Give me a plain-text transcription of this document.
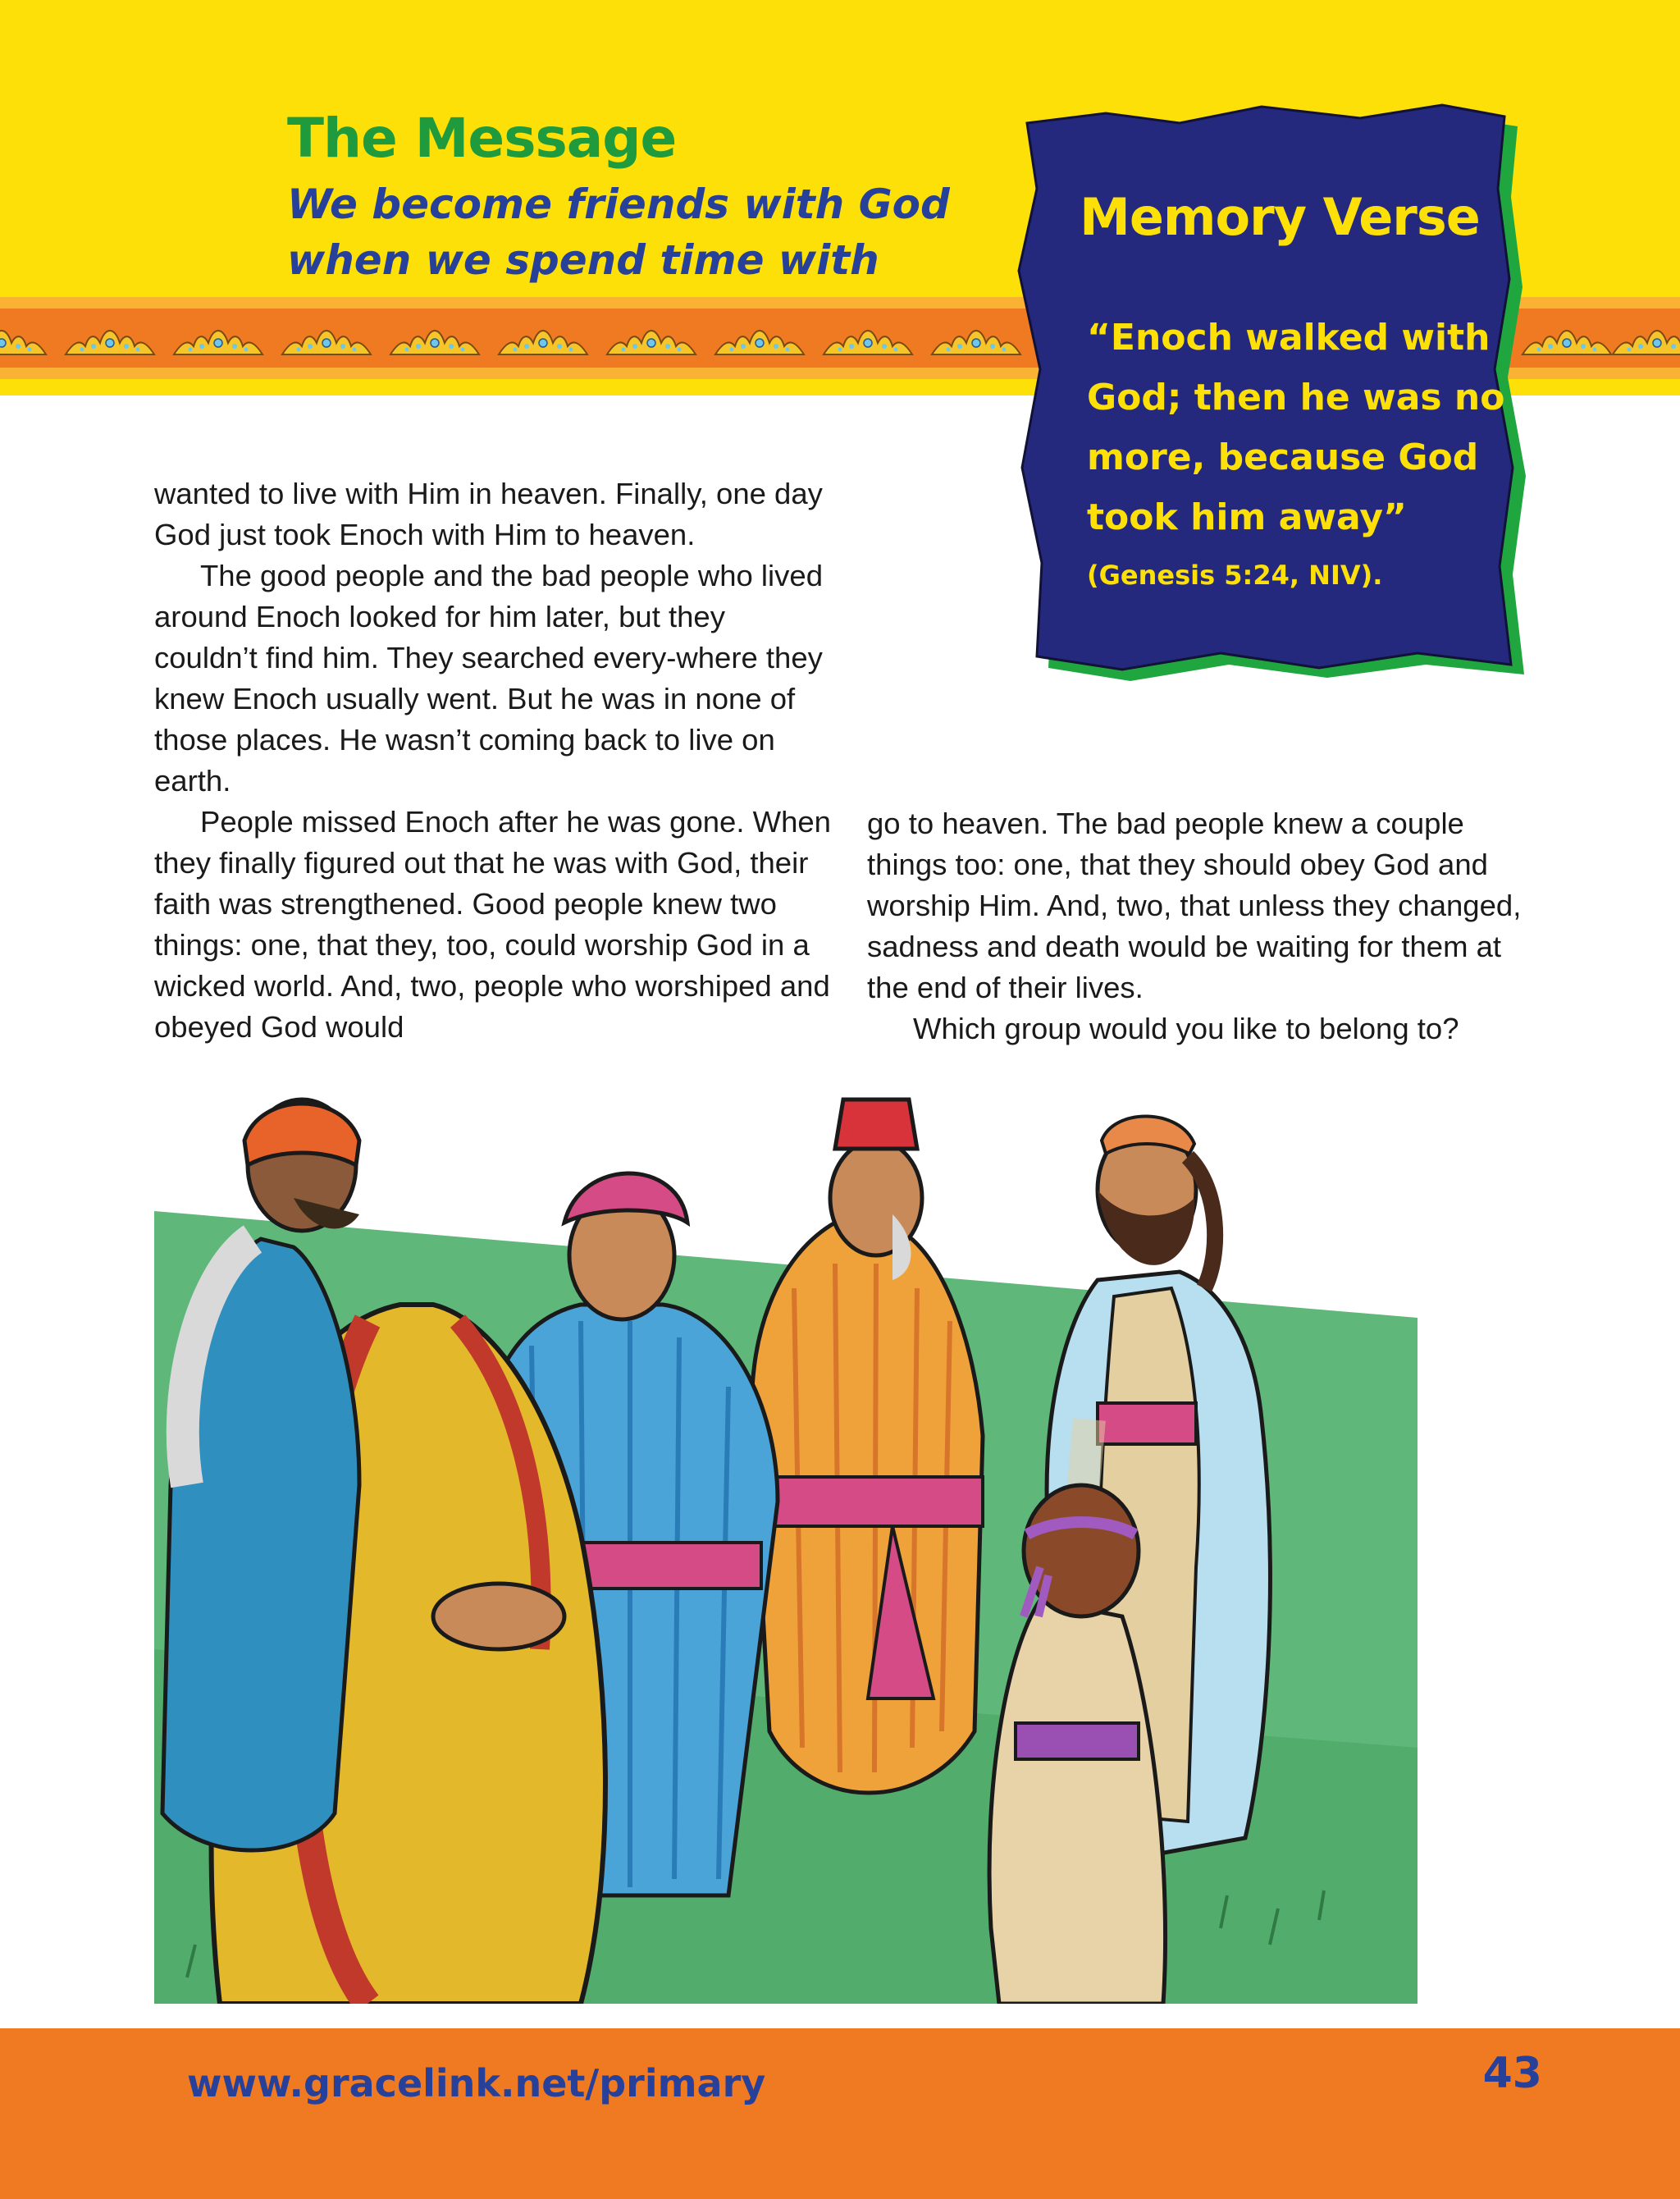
The Message

We become friends with God when we spend time with

Memory Verse

“Enoch walked with God; then he was no more, because God took him away”

(Genesis 5:24, NIV).

wanted to live with Him in heaven. Finally, one day God just took Enoch with Him to heaven.

The good people and the bad people who lived around Enoch looked for him later, but they couldn’t find him. They searched every-where they knew Enoch usually went. But he was in none of those places. He wasn’t coming back to live on earth.

People missed Enoch after he was gone. When they finally figured out that he was with God, their faith was strengthened. Good people knew two things: one, that they, too, could worship God in a wicked world. And, two, people who worshiped and obeyed God would

go to heaven. The bad people knew a couple things too: one, that they should obey God and worship Him. And, two, that unless they changed, sadness and death would be waiting for them at the end of their lives.

Which group would you like to belong to?

www.gracelink.net/primary	43
